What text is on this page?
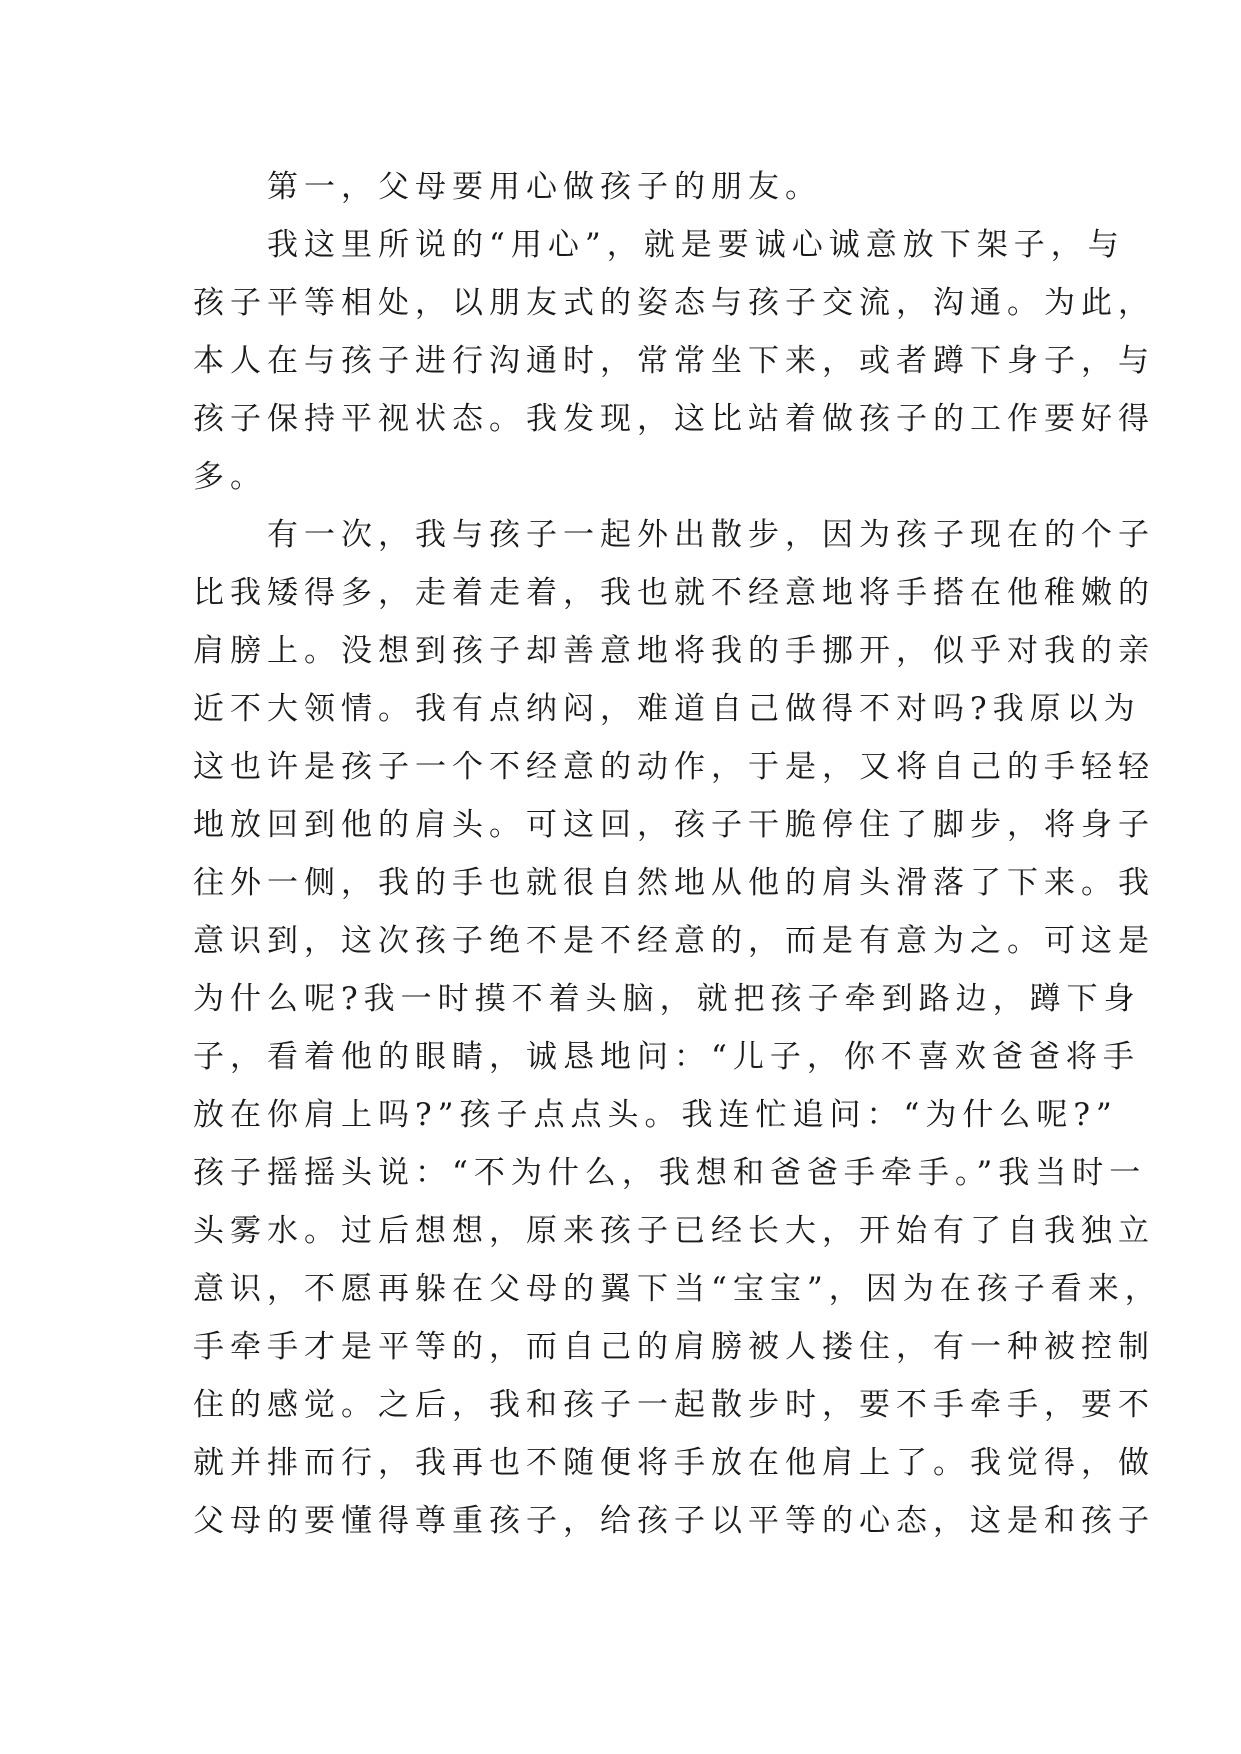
　　第一，父母要用心做孩子的朋友。
　　我这里所说的“用心”，就是要诚心诚意放下架子，与
孩子平等相处，以朋友式的姿态与孩子交流，沟通。为此，
本人在与孩子进行沟通时，常常坐下来，或者蹲下身子，与
孩子保持平视状态。我发现，这比站着做孩子的工作要好得
多。
　　有一次，我与孩子一起外出散步，因为孩子现在的个子
比我矮得多，走着走着，我也就不经意地将手搭在他稚嫩的
肩膀上。没想到孩子却善意地将我的手挪开，似乎对我的亲
近不大领情。我有点纳闷，难道自己做得不对吗?我原以为
这也许是孩子一个不经意的动作，于是，又将自己的手轻轻
地放回到他的肩头。可这回，孩子干脆停住了脚步，将身子
往外一侧，我的手也就很自然地从他的肩头滑落了下来。我
意识到，这次孩子绝不是不经意的，而是有意为之。可这是
为什么呢?我一时摸不着头脑，就把孩子牵到路边，蹲下身
子，看着他的眼睛，诚恳地问：“儿子，你不喜欢爸爸将手
放在你肩上吗?”孩子点点头。我连忙追问：“为什么呢?”
孩子摇摇头说：“不为什么，我想和爸爸手牵手。”我当时一
头雾水。过后想想，原来孩子已经长大，开始有了自我独立
意识，不愿再躲在父母的翼下当“宝宝”，因为在孩子看来，
手牵手才是平等的，而自己的肩膀被人搂住，有一种被控制
住的感觉。之后，我和孩子一起散步时，要不手牵手，要不
就并排而行，我再也不随便将手放在他肩上了。我觉得，做
父母的要懂得尊重孩子，给孩子以平等的心态，这是和孩子
